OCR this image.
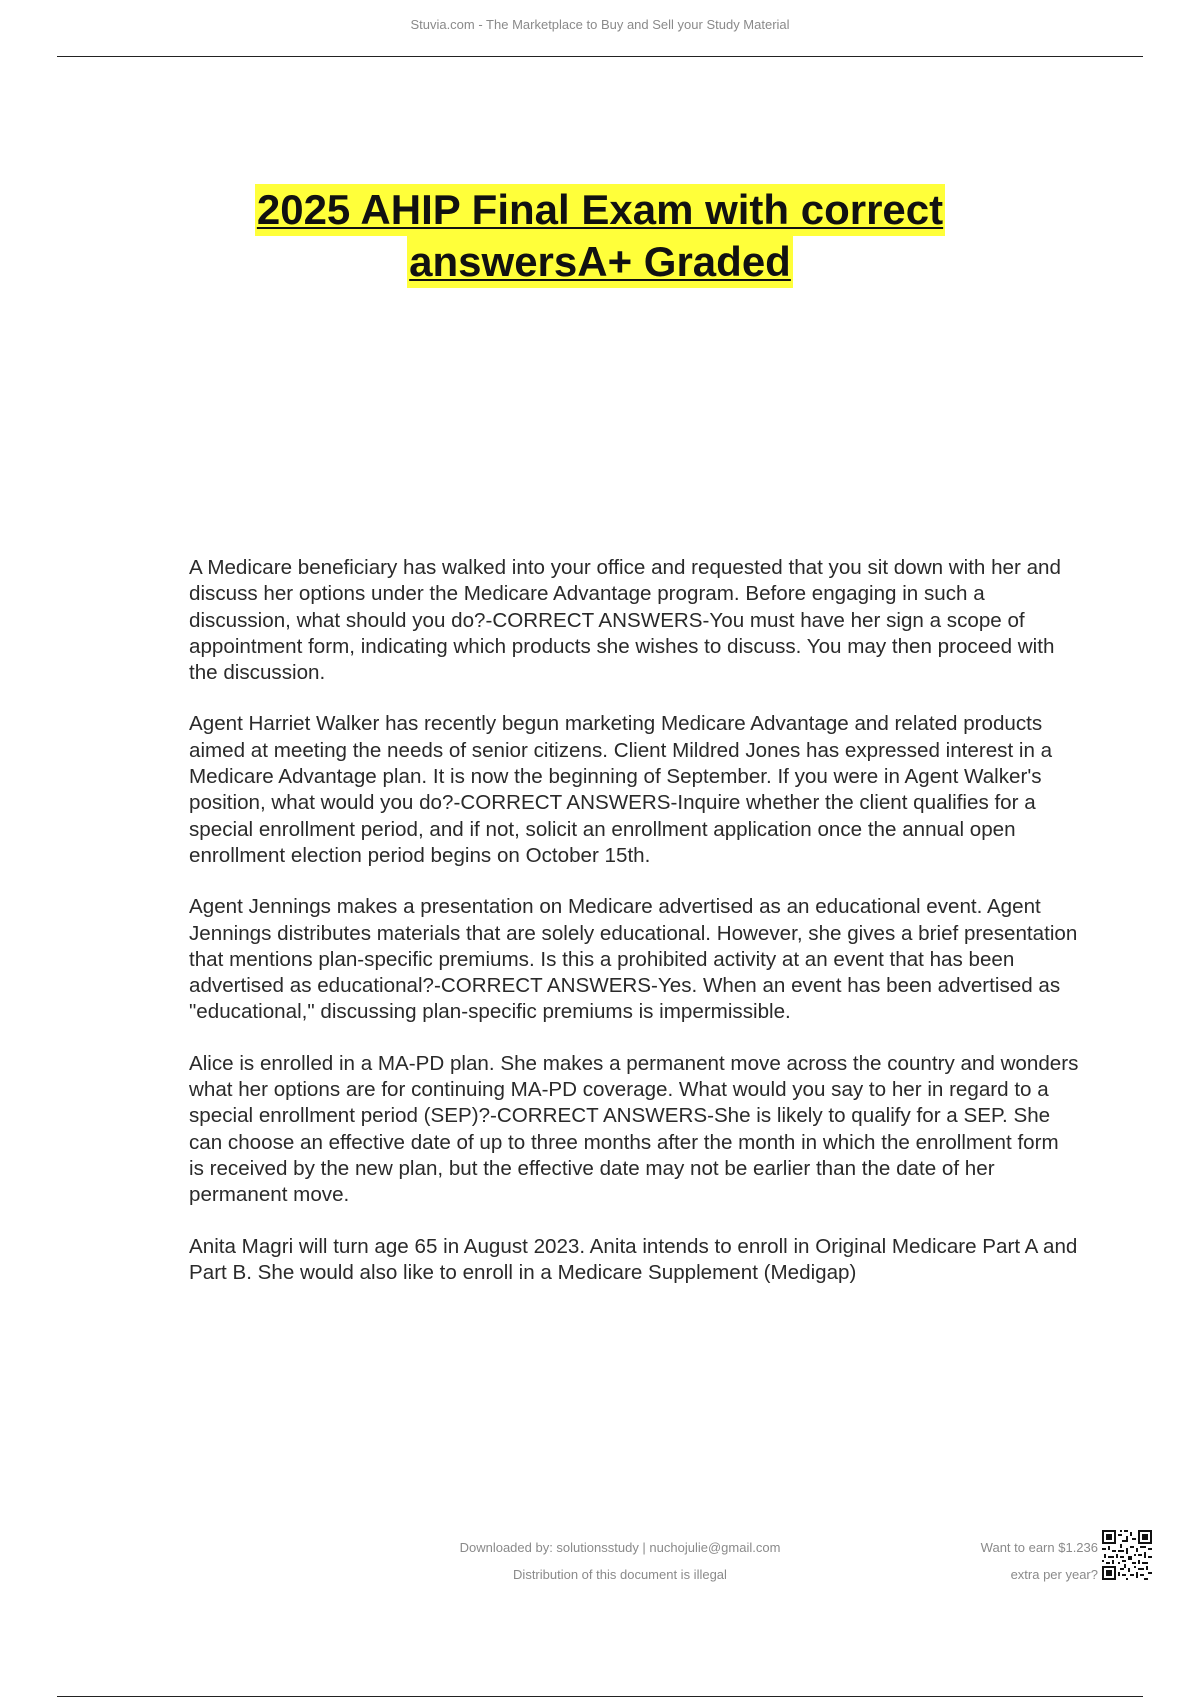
Stuvia.com - The Marketplace to Buy and Sell your Study Material
2025 AHIP Final Exam with correct
answersA+ Graded

A Medicare beneficiary has walked into your office and requested that you sit down with her and discuss her options under the Medicare Advantage program. Before engaging in such a discussion, what should you do?-CORRECT ANSWERS-You must have her sign a scope of appointment form, indicating which products she wishes to discuss. You may then proceed with the discussion.

Agent Harriet Walker has recently begun marketing Medicare Advantage and related products aimed at meeting the needs of senior citizens. Client Mildred Jones has expressed interest in a Medicare Advantage plan. It is now the beginning of September. If you were in Agent Walker's position, what would you do?-CORRECT ANSWERS-Inquire whether the client qualifies for a special enrollment period, and if not, solicit an enrollment application once the annual open enrollment election period begins on October 15th.

Agent Jennings makes a presentation on Medicare advertised as an educational event. Agent Jennings distributes materials that are solely educational. However, she gives a brief presentation that mentions plan-specific premiums. Is this a prohibited activity at an event that has been advertised as educational?-CORRECT ANSWERS-Yes. When an event has been advertised as "educational," discussing plan-specific premiums is impermissible.

Alice is enrolled in a MA-PD plan. She makes a permanent move across the country and wonders what her options are for continuing MA-PD coverage. What would you say to her in regard to a special enrollment period (SEP)?-CORRECT ANSWERS-She is likely to qualify for a SEP. She can choose an effective date of up to three months after the month in which the enrollment form is received by the new plan, but the effective date may not be earlier than the date of her permanent move.

Anita Magri will turn age 65 in August 2023. Anita intends to enroll in Original Medicare Part A and Part B. She would also like to enroll in a Medicare Supplement (Medigap)

Downloaded by: solutionsstudy | nuchojulie@gmail.com
Distribution of this document is illegal
Want to earn $1.236
extra per year?
